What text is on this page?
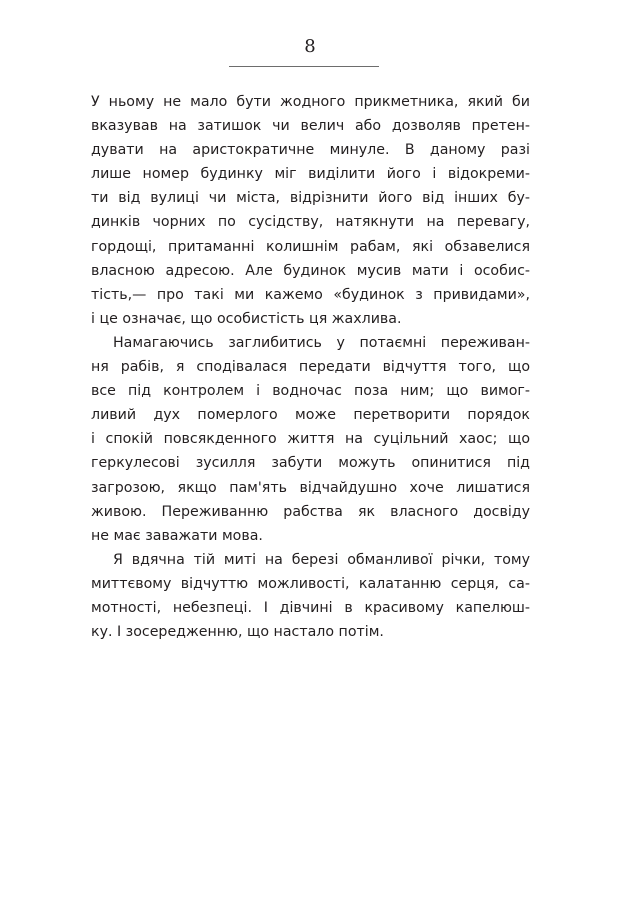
8
У ньому не мало бути жодного прикметника, який би
вказував на затишок чи велич або дозволяв претен-
дувати на аристократичне минуле. В даному разі
лише номер будинку міг виділити його і відокреми-
ти від вулиці чи міста, відрізнити його від інших бу-
динків чорних по сусідству, натякнути на перевагу,
гордощі, притаманні колишнім рабам, які обзавелися
власною адресою. Але будинок мусив мати і особис-
тість,— про такі ми кажемо «будинок з привидами»,
і це означає, що особистість ця жахлива.
Намагаючись заглибитись у потаємні переживан-
ня рабів, я сподівалася передати відчуття того, що
все під контролем і водночас поза ним; що вимог-
ливий дух померлого може перетворити порядок
і спокій повсякденного життя на суцільний хаос; що
геркулесові зусилля забути можуть опинитися під
загрозою, якщо пам'ять відчайдушно хоче лишатися
живою. Переживанню рабства як власного досвіду
не має заважати мова.
Я вдячна тій миті на березі обманливої річки, тому
миттєвому відчуттю можливості, калатанню серця, са-
мотності, небезпеці. І дівчині в красивому капелюш-
ку. І зосередженню, що настало потім.
